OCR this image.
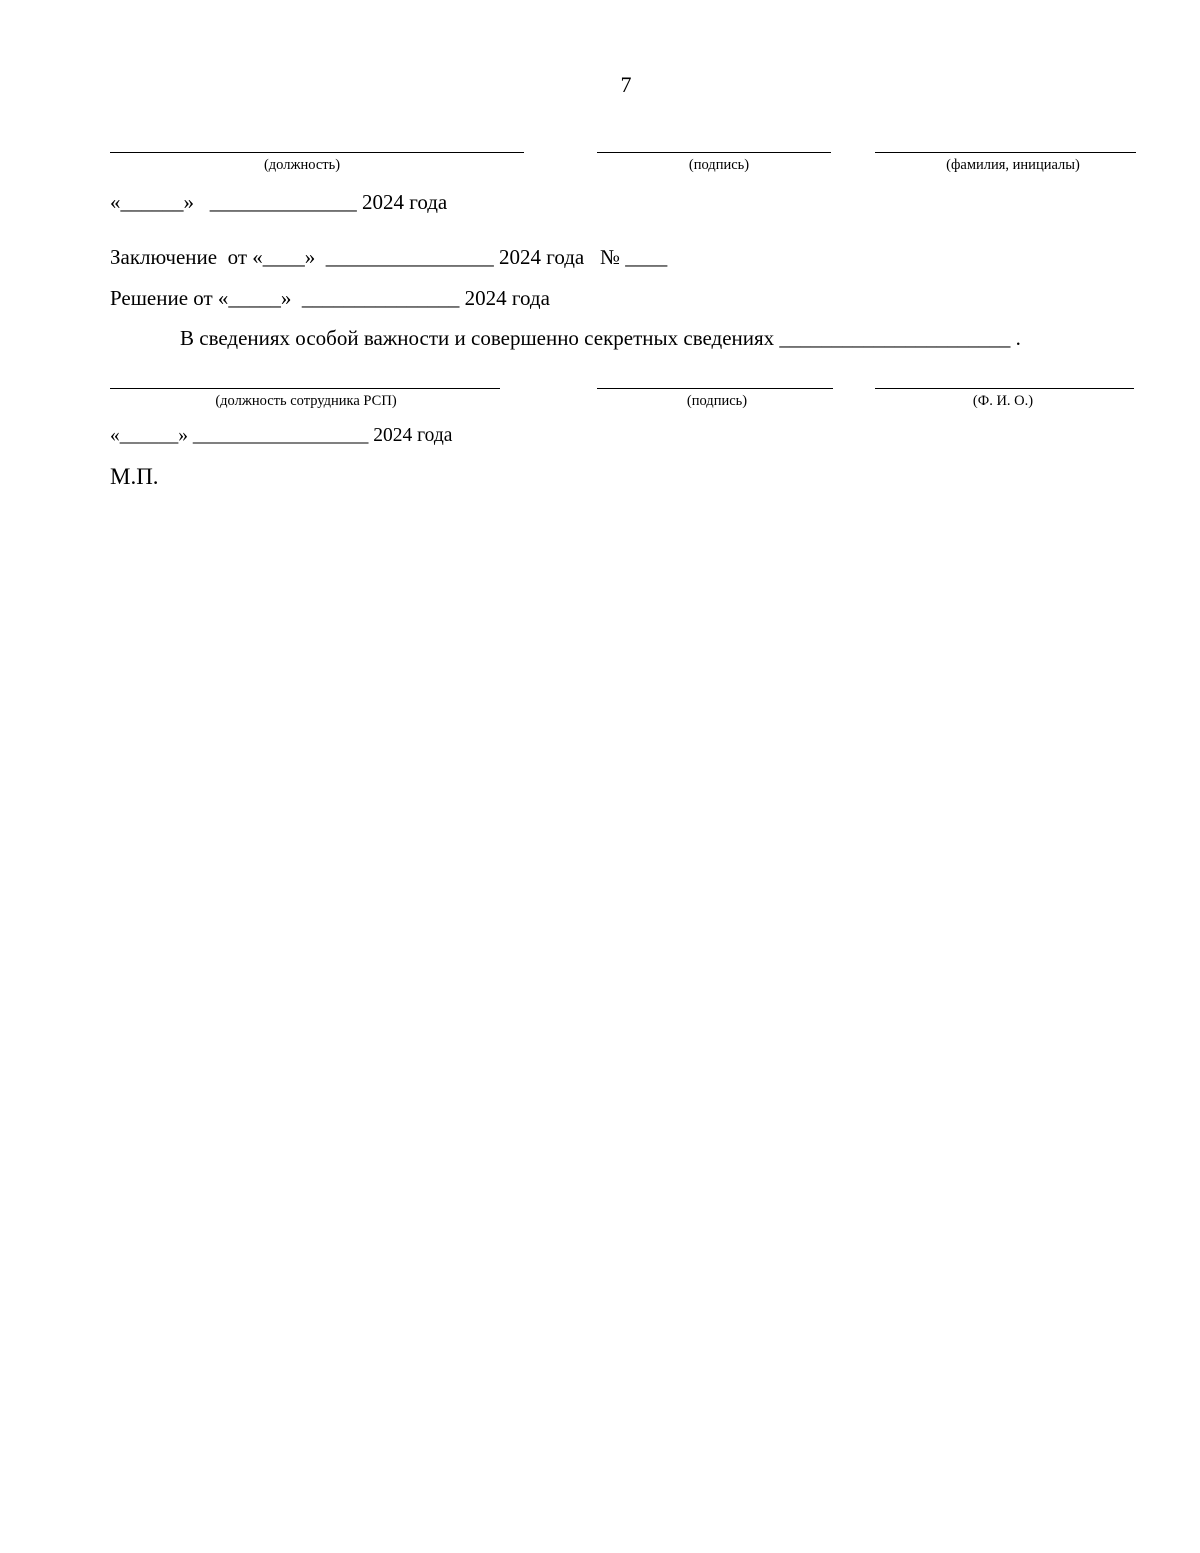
7
(должность)	(подпись)	(фамилия, инициалы)
«______»   ______________ 2024 года
Заключение  от «____»  ________________ 2024 года   № ____
Решение от «_____»  _______________ 2024 года
В сведениях особой важности и совершенно секретных сведениях ______________________ .
(должность сотрудника РСП)	(подпись)	(Ф. И. О.)
«______» __________________ 2024 года
М.П.
